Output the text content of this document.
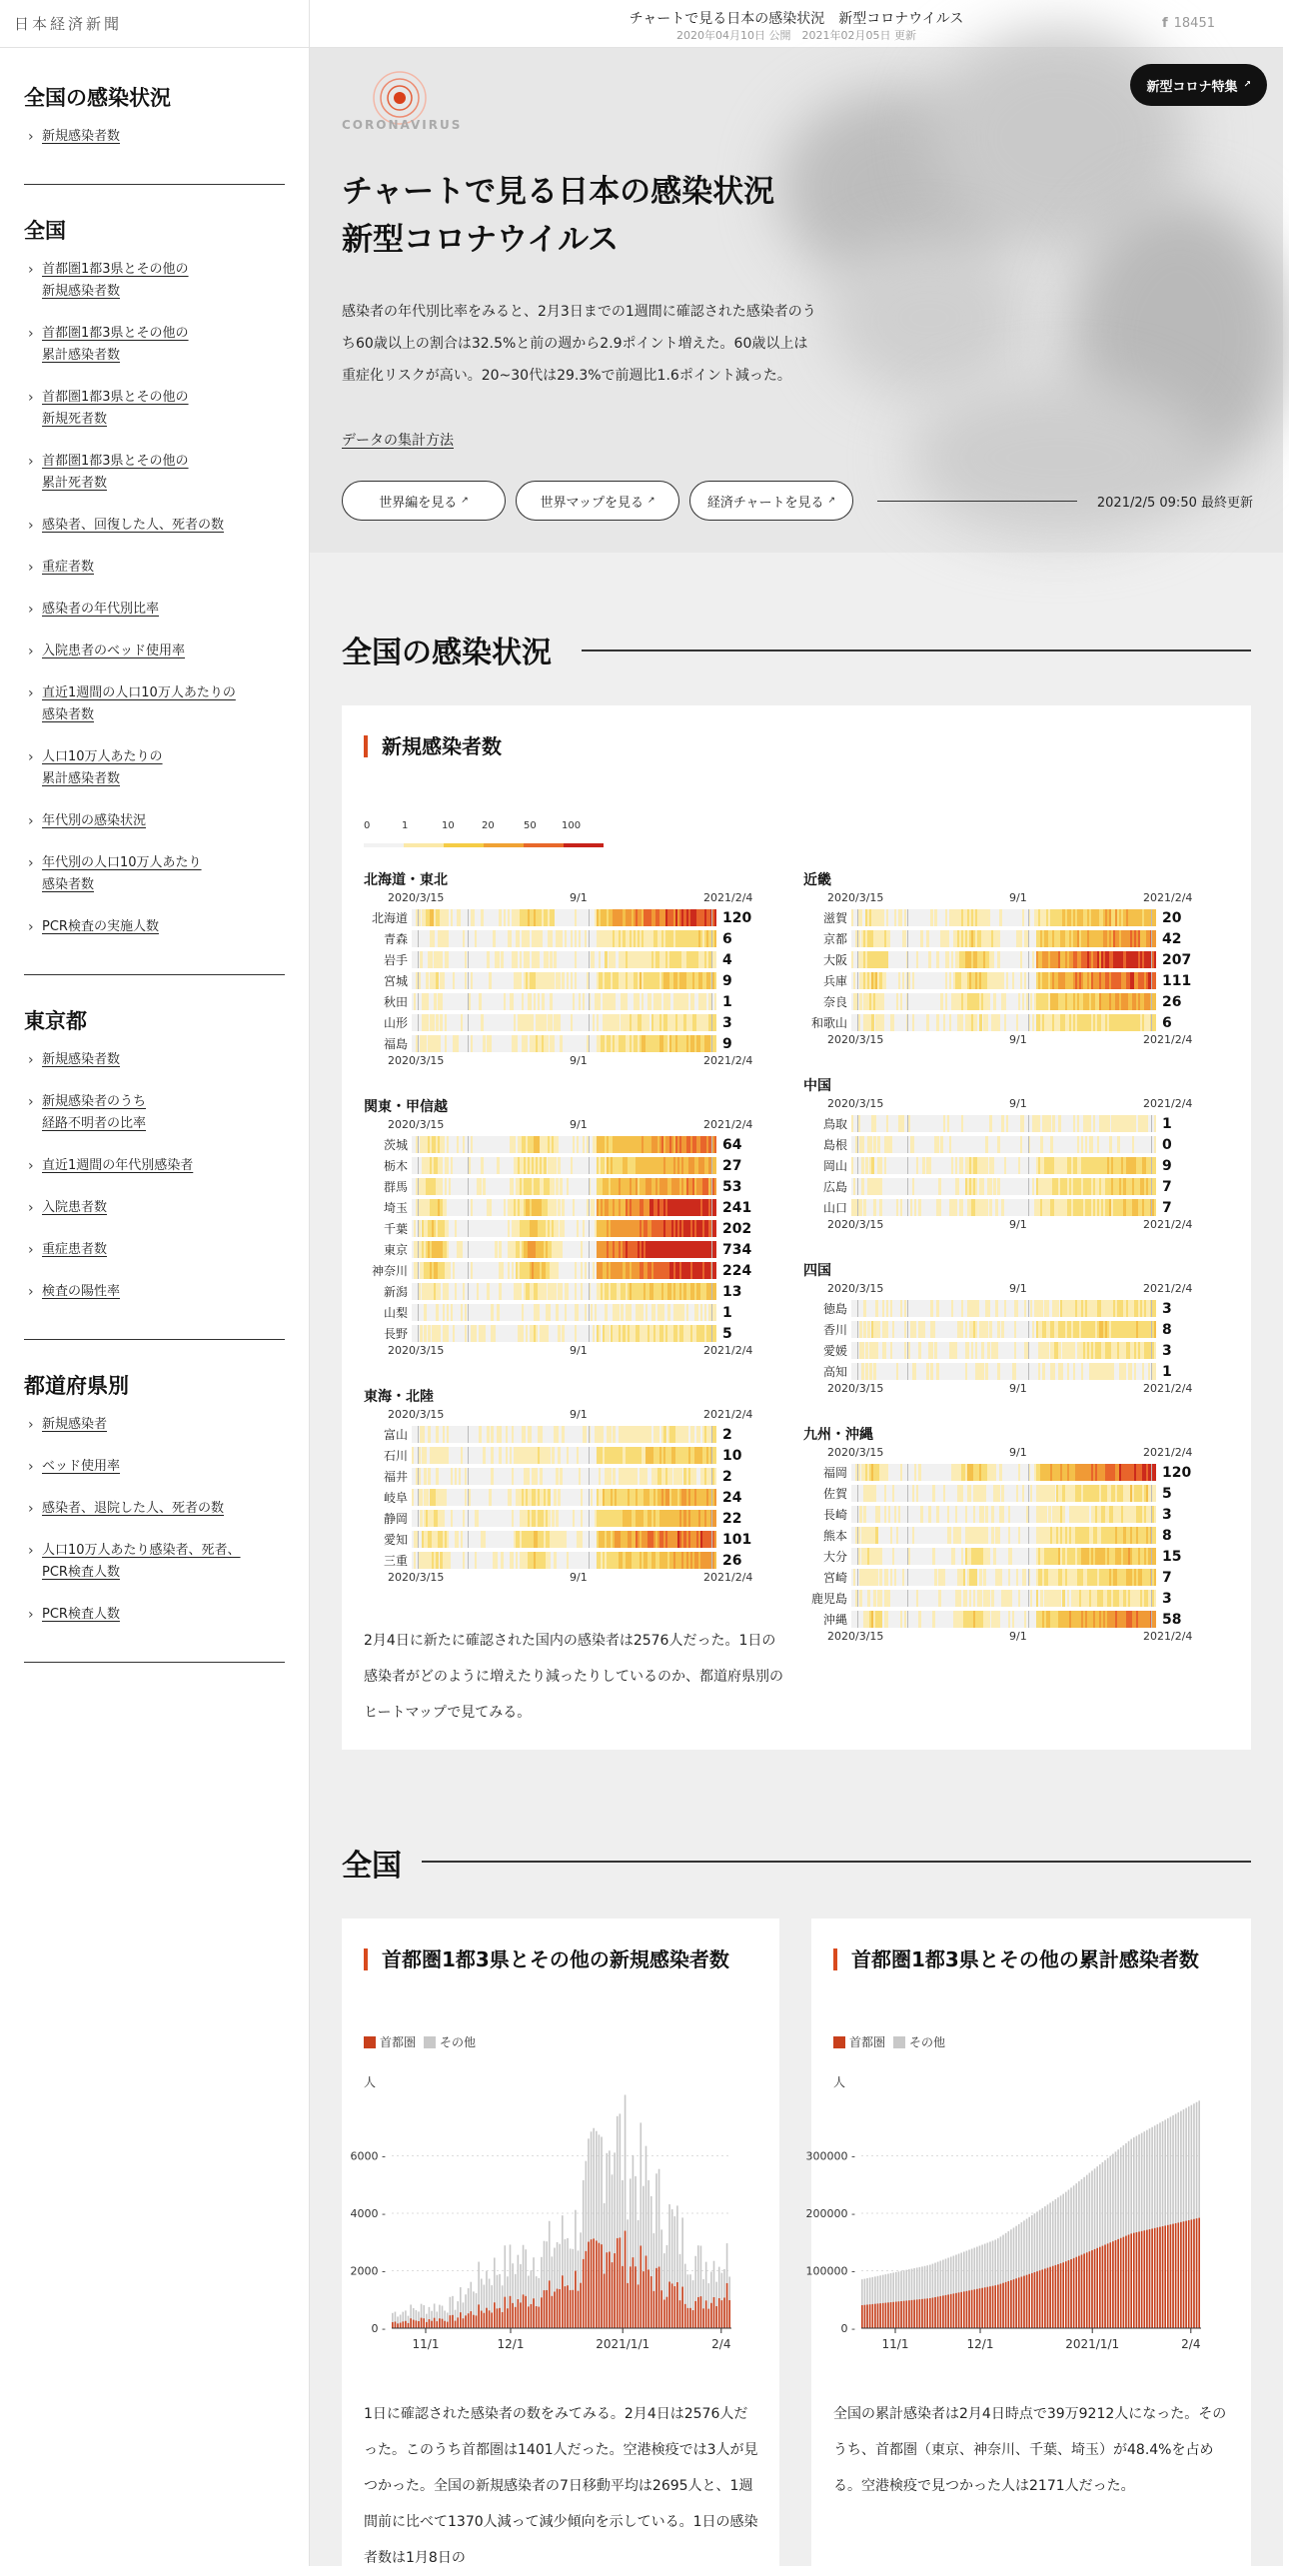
日本経済新聞
全国の感染状況
› 新規感染者数
全国
› 首都圏1都3県とその他の
新規感染者数
› 首都圏1都3県とその他の
累計感染者数
› 首都圏1都3県とその他の
新規死者数
› 首都圏1都3県とその他の
累計死者数
› 感染者、回復した人、死者の数
› 重症者数
› 感染者の年代別比率
› 入院患者のベッド使用率
› 直近1週間の人口10万人あたりの
感染者数
› 人口10万人あたりの
累計感染者数
› 年代別の感染状況
› 年代別の人口10万人あたり
感染者数
› PCR検査の実施人数
東京都
› 新規感染者数
› 新規感染者のうち
経路不明者の比率
› 直近1週間の年代別感染者
› 入院患者数
› 重症患者数
› 検査の陽性率
都道府県別
› 新規感染者
› ベッド使用率
› 感染者、退院した人、死者の数
› 人口10万人あたり感染者、死者、
PCR検査人数
› PCR検査人数
チャートで見る日本の感染状況　新型コロナウイルス
2020年04月10日 公開　2021年02月05日 更新
f 18451
CORONAVIRUS
新型コロナ特集 ↗
チャートで見る日本の感染状況
新型コロナウイルス
感染者の年代別比率をみると、2月3日までの1週間に確認された感染者のうち60歳以上の割合は32.5%と前の週から2.9ポイント増えた。60歳以上は重症化リスクが高い。20~30代は29.3%で前週比1.6ポイント減った。
データの集計方法
世界編を見る ↗	世界マップを見る ↗	経済チャートを見る ↗	2021/2/5 09:50 最終更新
全国の感染状況
新規感染者数
0	1	10	20	50	100
北海道・東北
2020/3/15	9/1	2021/2/4
北海道	120
青森	6
岩手	4
宮城	9
秋田	1
山形	3
福島	9
2020/3/15	9/1	2021/2/4
関東・甲信越
2020/3/15	9/1	2021/2/4
茨城	64
栃木	27
群馬	53
埼玉	241
千葉	202
東京	734
神奈川	224
新潟	13
山梨	1
長野	5
2020/3/15	9/1	2021/2/4
東海・北陸
2020/3/15	9/1	2021/2/4
富山	2
石川	10
福井	2
岐阜	24
静岡	22
愛知	101
三重	26
2020/3/15	9/1	2021/2/4
近畿
2020/3/15	9/1	2021/2/4
滋賀	20
京都	42
大阪	207
兵庫	111
奈良	26
和歌山	6
2020/3/15	9/1	2021/2/4
中国
2020/3/15	9/1	2021/2/4
鳥取	1
島根	0
岡山	9
広島	7
山口	7
2020/3/15	9/1	2021/2/4
四国
2020/3/15	9/1	2021/2/4
徳島	3
香川	8
愛媛	3
高知	1
2020/3/15	9/1	2021/2/4
九州・沖縄
2020/3/15	9/1	2021/2/4
福岡	120
佐賀	5
長崎	3
熊本	8
大分	15
宮崎	7
鹿児島	3
沖縄	58
2020/3/15	9/1	2021/2/4
2月4日に新たに確認された国内の感染者は2576人だった。1日の感染者がどのように増えたり減ったりしているのか、都道府県別のヒートマップで見てみる。
全国
首都圏1都3県とその他の新規感染者数
首都圏 その他
人
0 -
2000 -
4000 -
6000 -
11/1	12/1	2021/1/1	2/4
1日に確認された感染者の数をみてみる。2月4日は2576人だった。このうち首都圏は1401人だった。空港検疫では3人が見つかった。全国の新規感染者の7日移動平均は2695人と、1週間前に比べて1370人減って減少傾向を示している。1日の感染者数は1月8日の
首都圏1都3県とその他の累計感染者数
首都圏 その他
人
0 -
100000 -
200000 -
300000 -
11/1	12/1	2021/1/1	2/4
全国の累計感染者は2月4日時点で39万9212人になった。そのうち、首都圏（東京、神奈川、千葉、埼玉）が48.4%を占める。空港検疫で見つかった人は2171人だった。
